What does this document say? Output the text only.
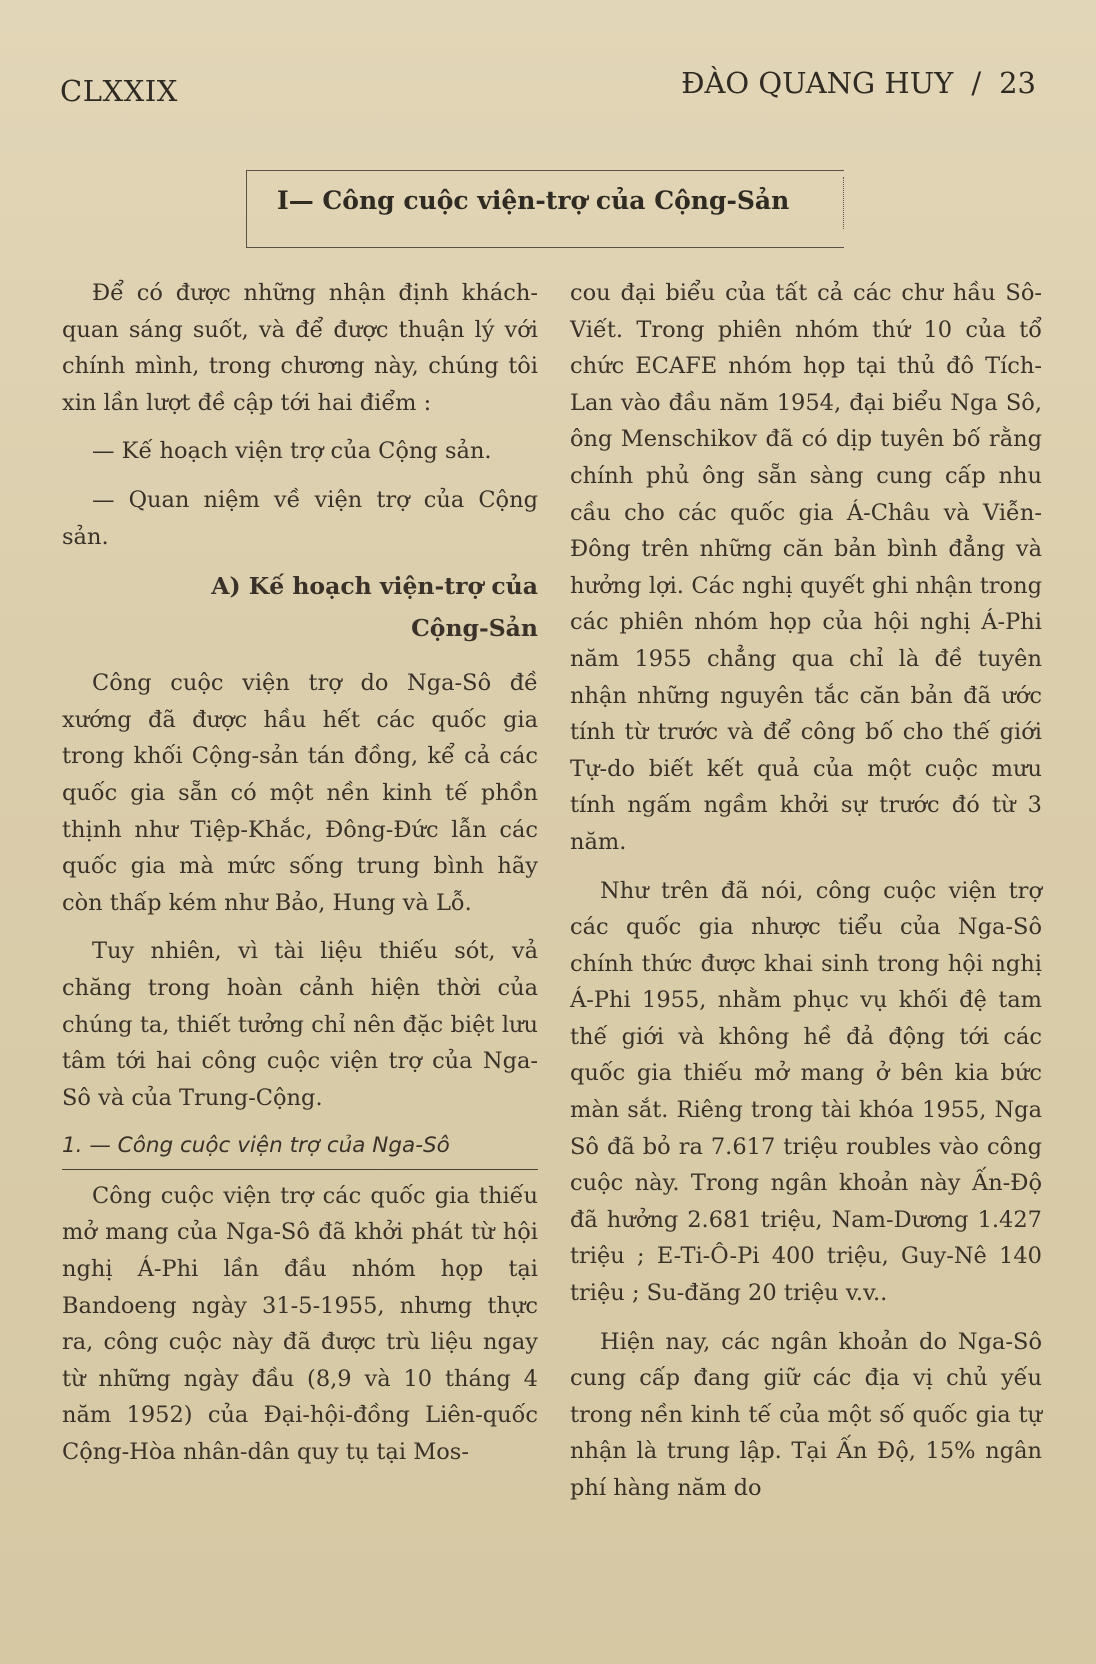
CLXXIX	ĐÀO QUANG HUY / 23
I— Công cuộc viện-trợ của Cộng-Sản

Để có được những nhận định khách-quan sáng suốt, và để được thuận lý với chính mình, trong chương này, chúng tôi xin lần lượt đề cập tới hai điểm :

— Kế hoạch viện trợ của Cộng sản.

— Quan niệm về viện trợ của Cộng sản.

A) Kế hoạch viện-trợ của
Cộng-Sản

Công cuộc viện trợ do Nga-Sô đề xướng đã được hầu hết các quốc gia trong khối Cộng-sản tán đồng, kể cả các quốc gia sẵn có một nền kinh tế phồn thịnh như Tiệp-Khắc, Đông-Đức lẫn các quốc gia mà mức sống trung bình hãy còn thấp kém như Bảo, Hung và Lỗ.

Tuy nhiên, vì tài liệu thiếu sót, vả chăng trong hoàn cảnh hiện thời của chúng ta, thiết tưởng chỉ nên đặc biệt lưu tâm tới hai công cuộc viện trợ của Nga-Sô và của Trung-Cộng.

1. — Công cuộc viện trợ của Nga-Sô

Công cuộc viện trợ các quốc gia thiếu mở mang của Nga-Sô đã khởi phát từ hội nghị Á-Phi lần đầu nhóm họp tại Bandoeng ngày 31-5-1955, nhưng thực ra, công cuộc này đã được trù liệu ngay từ những ngày đầu (8,9 và 10 tháng 4 năm 1952) của Đại-hội-đồng Liên-quốc Cộng-Hòa nhân-dân quy tụ tại Mos-

cou đại biểu của tất cả các chư hầu Sô-Viết. Trong phiên nhóm thứ 10 của tổ chức ECAFE nhóm họp tại thủ đô Tích-Lan vào đầu năm 1954, đại biểu Nga Sô, ông Menschikov đã có dịp tuyên bố rằng chính phủ ông sẵn sàng cung cấp nhu cầu cho các quốc gia Á-Châu và Viễn-Đông trên những căn bản bình đẳng và hưởng lợi. Các nghị quyết ghi nhận trong các phiên nhóm họp của hội nghị Á-Phi năm 1955 chẳng qua chỉ là đề tuyên nhận những nguyên tắc căn bản đã ước tính từ trước và để công bố cho thế giới Tự-do biết kết quả của một cuộc mưu tính ngấm ngầm khởi sự trước đó từ 3 năm.

Như trên đã nói, công cuộc viện trợ các quốc gia nhược tiểu của Nga-Sô chính thức được khai sinh trong hội nghị Á-Phi 1955, nhằm phục vụ khối đệ tam thế giới và không hề đả động tới các quốc gia thiếu mở mang ở bên kia bức màn sắt. Riêng trong tài khóa 1955, Nga Sô đã bỏ ra 7.617 triệu roubles vào công cuộc này. Trong ngân khoản này Ấn-Độ đã hưởng 2.681 triệu, Nam-Dương 1.427 triệu ; E-Ti-Ô-Pi 400 triệu, Guy-Nê 140 triệu ; Su-đăng 20 triệu v.v..

Hiện nay, các ngân khoản do Nga-Sô cung cấp đang giữ các địa vị chủ yếu trong nền kinh tế của một số quốc gia tự nhận là trung lập. Tại Ấn Độ, 15% ngân phí hàng năm do
